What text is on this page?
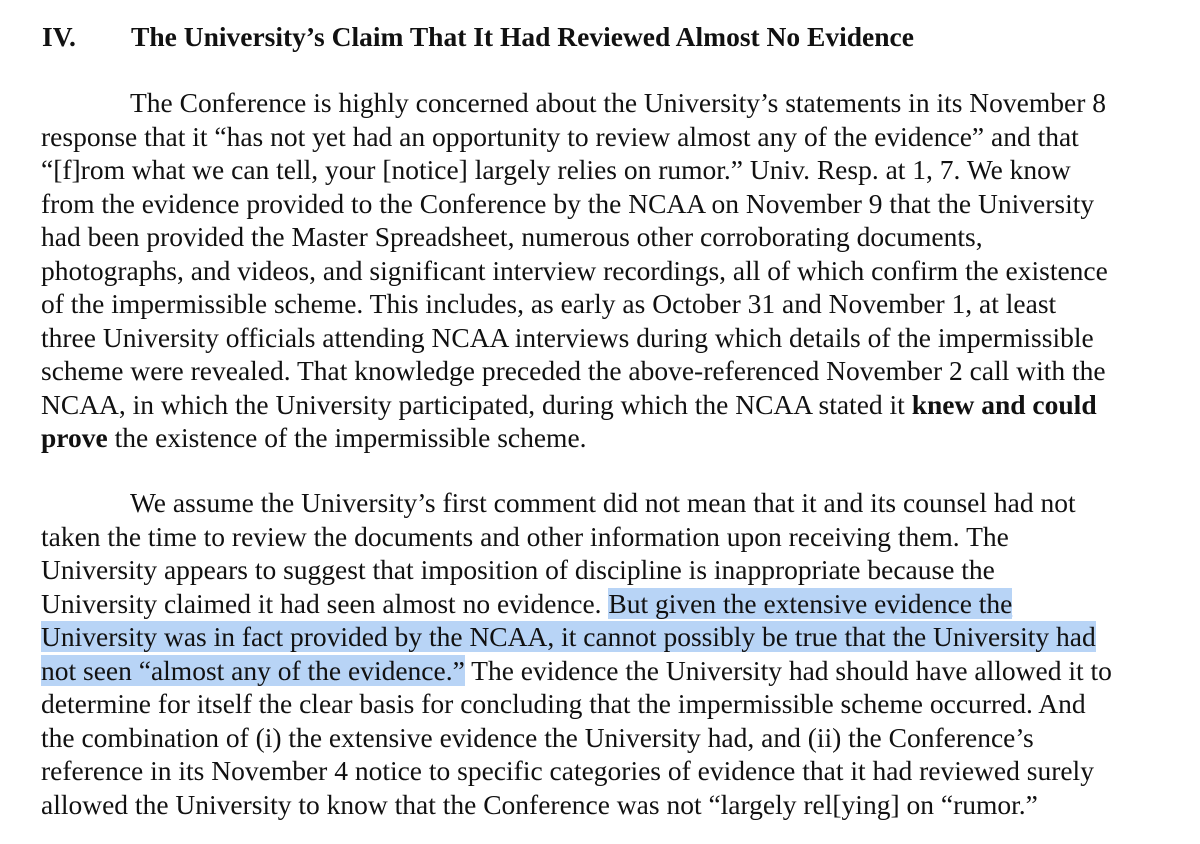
IV. The University’s Claim That It Had Reviewed Almost No Evidence
The Conference is highly concerned about the University’s statements in its November 8
response that it “has not yet had an opportunity to review almost any of the evidence” and that
“[f]rom what we can tell, your [notice] largely relies on rumor.” Univ. Resp. at 1, 7. We know
from the evidence provided to the Conference by the NCAA on November 9 that the University
had been provided the Master Spreadsheet, numerous other corroborating documents,
photographs, and videos, and significant interview recordings, all of which confirm the existence
of the impermissible scheme. This includes, as early as October 31 and November 1, at least
three University officials attending NCAA interviews during which details of the impermissible
scheme were revealed. That knowledge preceded the above-referenced November 2 call with the
NCAA, in which the University participated, during which the NCAA stated it knew and could
prove the existence of the impermissible scheme.
We assume the University’s first comment did not mean that it and its counsel had not
taken the time to review the documents and other information upon receiving them. The
University appears to suggest that imposition of discipline is inappropriate because the
University claimed it had seen almost no evidence. But given the extensive evidence the
University was in fact provided by the NCAA, it cannot possibly be true that the University had
not seen “almost any of the evidence.” The evidence the University had should have allowed it to
determine for itself the clear basis for concluding that the impermissible scheme occurred. And
the combination of (i) the extensive evidence the University had, and (ii) the Conference’s
reference in its November 4 notice to specific categories of evidence that it had reviewed surely
allowed the University to know that the Conference was not “largely rel[ying] on “rumor.”
